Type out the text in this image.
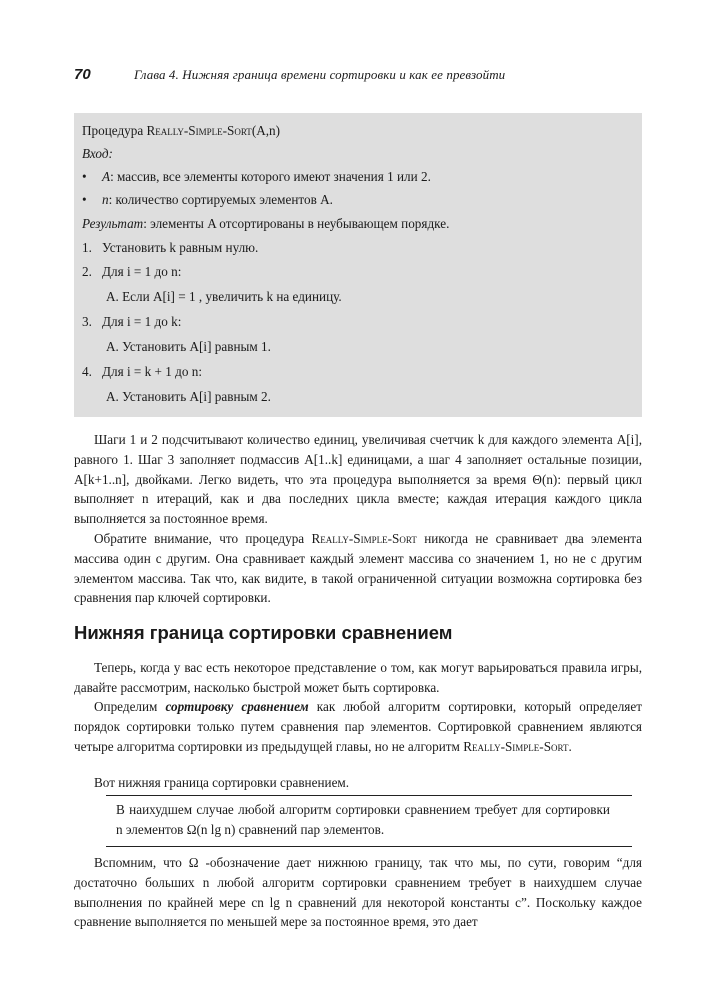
70	Глава 4. Нижняя граница времени сортировки и как ее превзойти
Процедура Really-Simple-Sort(A,n)
Вход:
• A: массив, все элементы которого имеют значения 1 или 2.
• n: количество сортируемых элементов A.
Результат: элементы A отсортированы в неубывающем порядке.
1. Установить k равным нулю.
2. Для i = 1 до n:
A. Если A[i] = 1 , увеличить k на единицу.
3. Для i = 1 до k:
A. Установить A[i] равным 1.
4. Для i = k + 1 до n:
A. Установить A[i] равным 2.

Шаги 1 и 2 подсчитывают количество единиц, увеличивая счетчик k для каждого элемента A[i], равного 1. Шаг 3 заполняет подмассив A[1..k] единицами, а шаг 4 заполняет остальные позиции, A[k+1..n], двойками. Легко видеть, что эта процедура выполняется за время Θ(n): первый цикл выполняет n итераций, как и два последних цикла вместе; каждая итерация каждого цикла выполняется за постоянное время.

Обратите внимание, что процедура Really-Simple-Sort никогда не сравнивает два элемента массива один с другим. Она сравнивает каждый элемент массива со значением 1, но не с другим элементом массива. Так что, как видите, в такой ограниченной ситуации возможна сортировка без сравнения пар ключей сортировки.

Нижняя граница сортировки сравнением

Теперь, когда у вас есть некоторое представление о том, как могут варьироваться правила игры, давайте рассмотрим, насколько быстрой может быть сортировка.

Определим сортировку сравнением как любой алгоритм сортировки, который определяет порядок сортировки только путем сравнения пар элементов. Сортировкой сравнением являются четыре алгоритма сортировки из предыдущей главы, но не алгоритм Really-Simple-Sort.

Вот нижняя граница сортировки сравнением.

В наихудшем случае любой алгоритм сортировки сравнением требует для сортировки n элементов Ω(n lg n) сравнений пар элементов.

Вспомним, что Ω -обозначение дает нижнюю границу, так что мы, по сути, говорим “для достаточно больших n любой алгоритм сортировки сравнением требует в наихудшем случае выполнения по крайней мере cn lg n сравнений для некоторой константы c”. Поскольку каждое сравнение выполняется по меньшей мере за постоянное время, это дает
